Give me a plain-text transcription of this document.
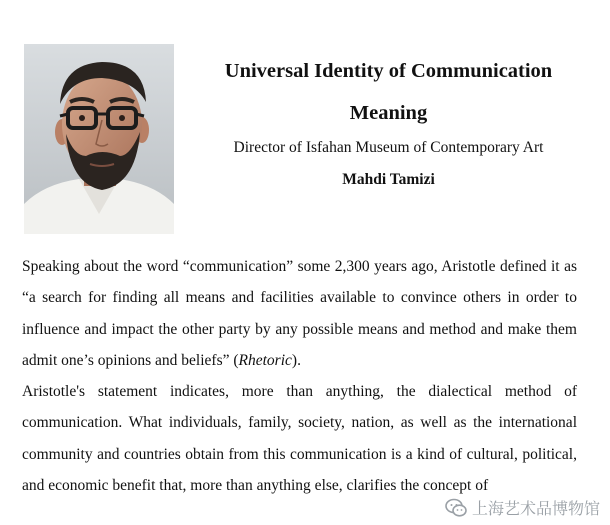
Universal Identity of Communication
Meaning

Director of Isfahan Museum of Contemporary Art

Mahdi Tamizi

Speaking about the word “communication” some 2,300 years ago, Aristotle defined it as “a search for finding all means and facilities available to convince others in order to influence and impact the other party by any possible means and method and make them admit one’s opinions and beliefs” (Rhetoric).

Aristotle's statement indicates, more than anything, the dialectical method of communication. What individuals, family, society, nation, as well as the international community and countries obtain from this communication is a kind of cultural, political, and economic benefit that, more than anything else, clarifies the concept of

上海艺术品博物馆
